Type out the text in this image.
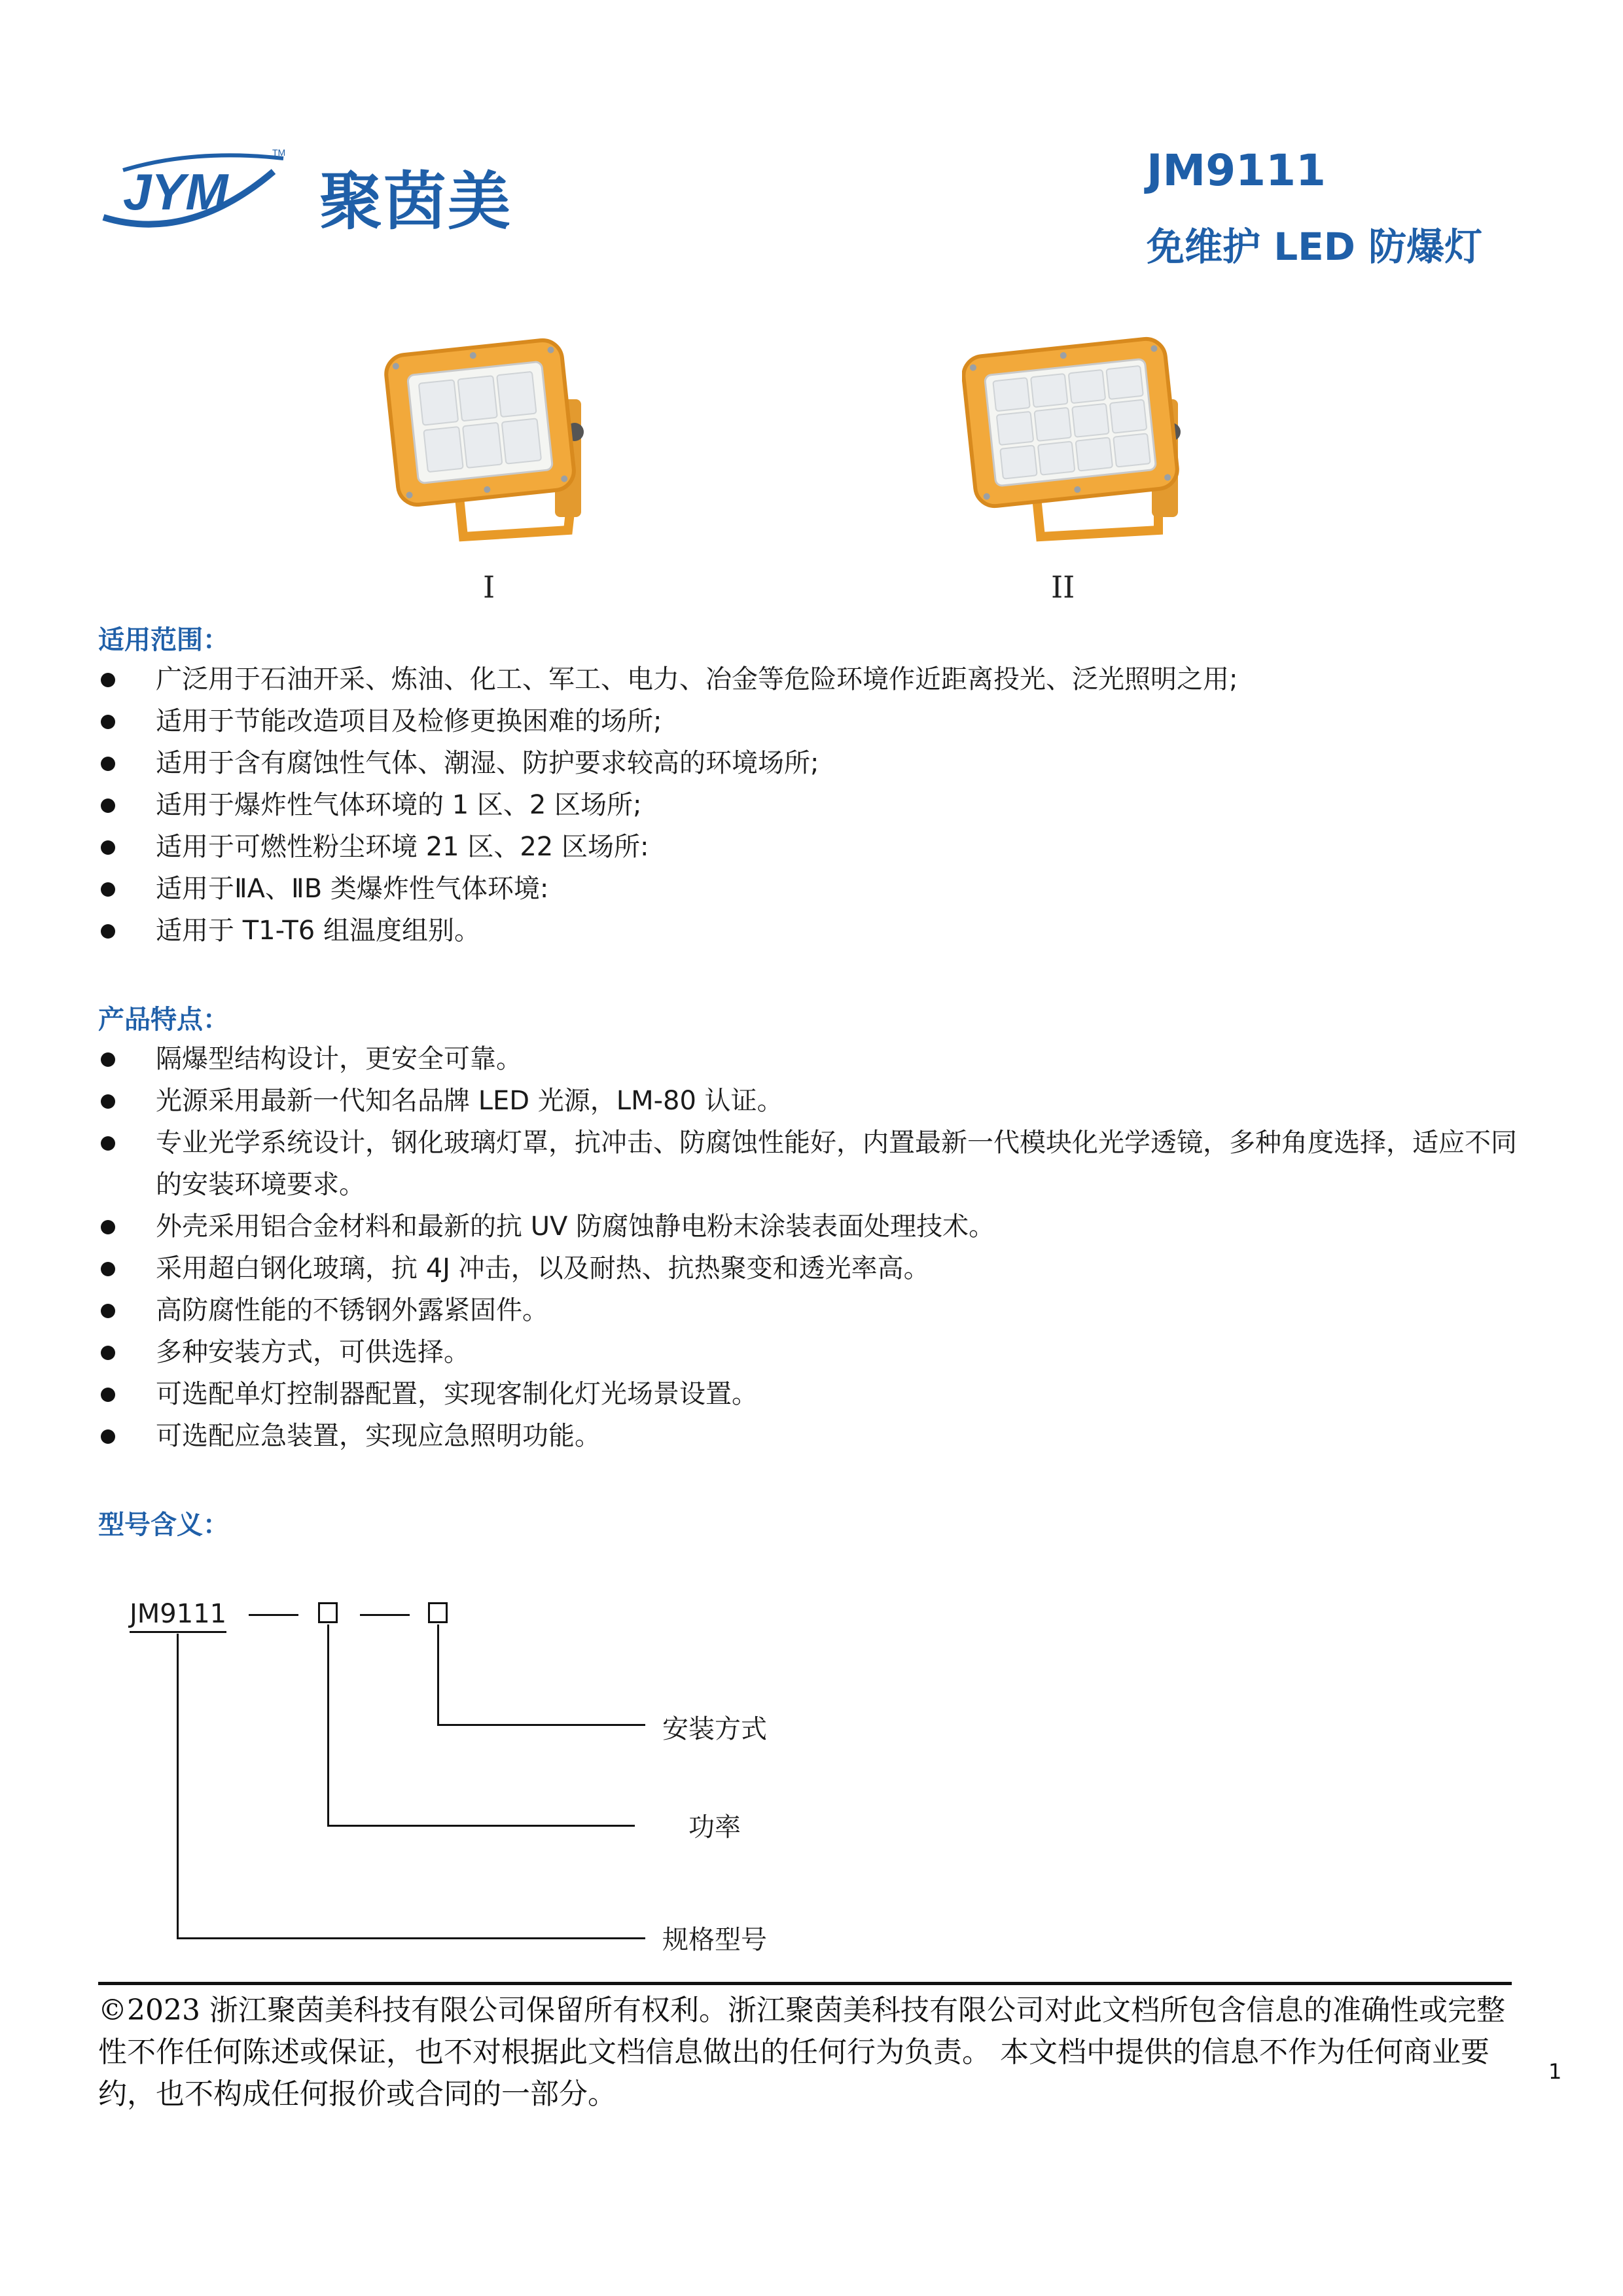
JYM
TM
聚茵美	JM9111
免维护 LED 防爆灯
I	II
适用范围：
广泛用于石油开采、炼油、化工、军工、电力、冶金等危险环境作近距离投光、泛光照明之用;
适用于节能改造项目及检修更换困难的场所;
适用于含有腐蚀性气体、潮湿、防护要求较高的环境场所;
适用于爆炸性气体环境的 1 区、2 区场所;
适用于可燃性粉尘环境 21 区、22 区场所:
适用于ⅡA、ⅡB 类爆炸性气体环境:
适用于 T1-T6 组温度组别。
产品特点：
隔爆型结构设计，更安全可靠。
光源采用最新一代知名品牌 LED 光源，LM-80 认证。
专业光学系统设计，钢化玻璃灯罩，抗冲击、防腐蚀性能好，内置最新一代模块化光学透镜，多种角度选择，适应不同的安装环境要求。
外壳采用铝合金材料和最新的抗 UV 防腐蚀静电粉末涂装表面处理技术。
采用超白钢化玻璃，抗 4J 冲击，以及耐热、抗热聚变和透光率高。
高防腐性能的不锈钢外露紧固件。
多种安装方式，可供选择。
可选配单灯控制器配置，实现客制化灯光场景设置。
可选配应急装置，实现应急照明功能。
型号含义：
JM9111
安装方式
功率
规格型号
©2023 浙江聚茵美科技有限公司保留所有权利。浙江聚茵美科技有限公司对此文档所包含信息的准确性或完整性不作任何陈述或保证，也不对根据此文档信息做出的任何行为负责。 本文档中提供的信息不作为任何商业要约，也不构成任何报价或合同的一部分。
1
